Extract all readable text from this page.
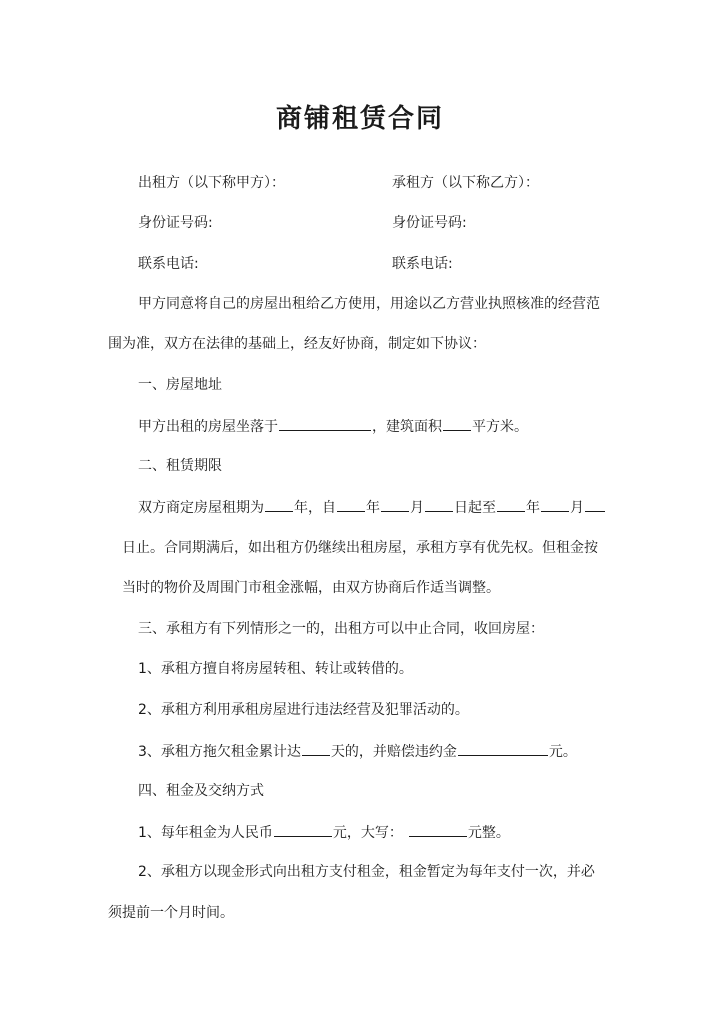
商铺租赁合同
出租方（以下称甲方）：	承租方（以下称乙方）：
身份证号码:	身份证号码:
联系电话:	联系电话:
甲方同意将自己的房屋出租给乙方使用，用途以乙方营业执照核准的经营范
围为准，双方在法律的基础上，经友好协商，制定如下协议：
一、房屋地址
甲方出租的房屋坐落于	，建筑面积 平方米。
二、租赁期限
双方商定房屋租期为 年，自 年 月 日起至 年 月
日止。合同期满后，如出租方仍继续出租房屋，承租方享有优先权。但租金按
当时的物价及周围门市租金涨幅，由双方协商后作适当调整。
三、承租方有下列情形之一的，出租方可以中止合同，收回房屋：
1、承租方擅自将房屋转租、转让或转借的。
2、承租方利用承租房屋进行违法经营及犯罪活动的。
3、承租方拖欠租金累计达 天的，并赔偿违约金	元。
四、租金及交纳方式
1、每年租金为人民币	元，大写：	元整。
2、承租方以现金形式向出租方支付租金，租金暂定为每年支付一次，并必
须提前一个月时间。
